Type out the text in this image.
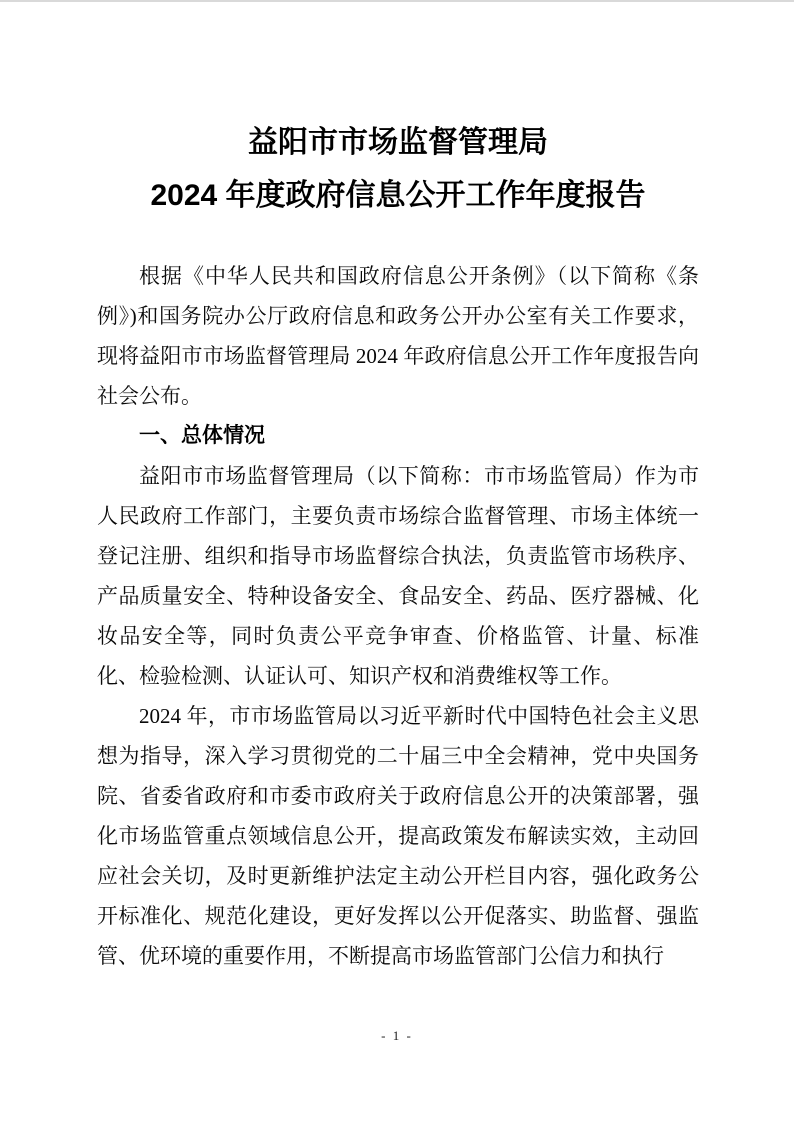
益阳市市场监督管理局
2024 年度政府信息公开工作年度报告

根据《中华人民共和国政府信息公开条例》（以下简称《条例》)和国务院办公厅政府信息和政务公开办公室有关工作要求，现将益阳市市场监督管理局 2024 年政府信息公开工作年度报告向社会公布。

一、总体情况

益阳市市场监督管理局（以下简称：市市场监管局）作为市人民政府工作部门，主要负责市场综合监督管理、市场主体统一登记注册、组织和指导市场监督综合执法，负责监管市场秩序、产品质量安全、特种设备安全、食品安全、药品、医疗器械、化妆品安全等，同时负责公平竞争审查、价格监管、计量、标准化、检验检测、认证认可、知识产权和消费维权等工作。

2024 年，市市场监管局以习近平新时代中国特色社会主义思想为指导，深入学习贯彻党的二十届三中全会精神，党中央国务院、省委省政府和市委市政府关于政府信息公开的决策部署，强化市场监管重点领域信息公开，提高政策发布解读实效，主动回应社会关切，及时更新维护法定主动公开栏目内容，强化政务公开标准化、规范化建设，更好发挥以公开促落实、助监督、强监管、优环境的重要作用，不断提高市场监管部门公信力和执行

- 1 -
